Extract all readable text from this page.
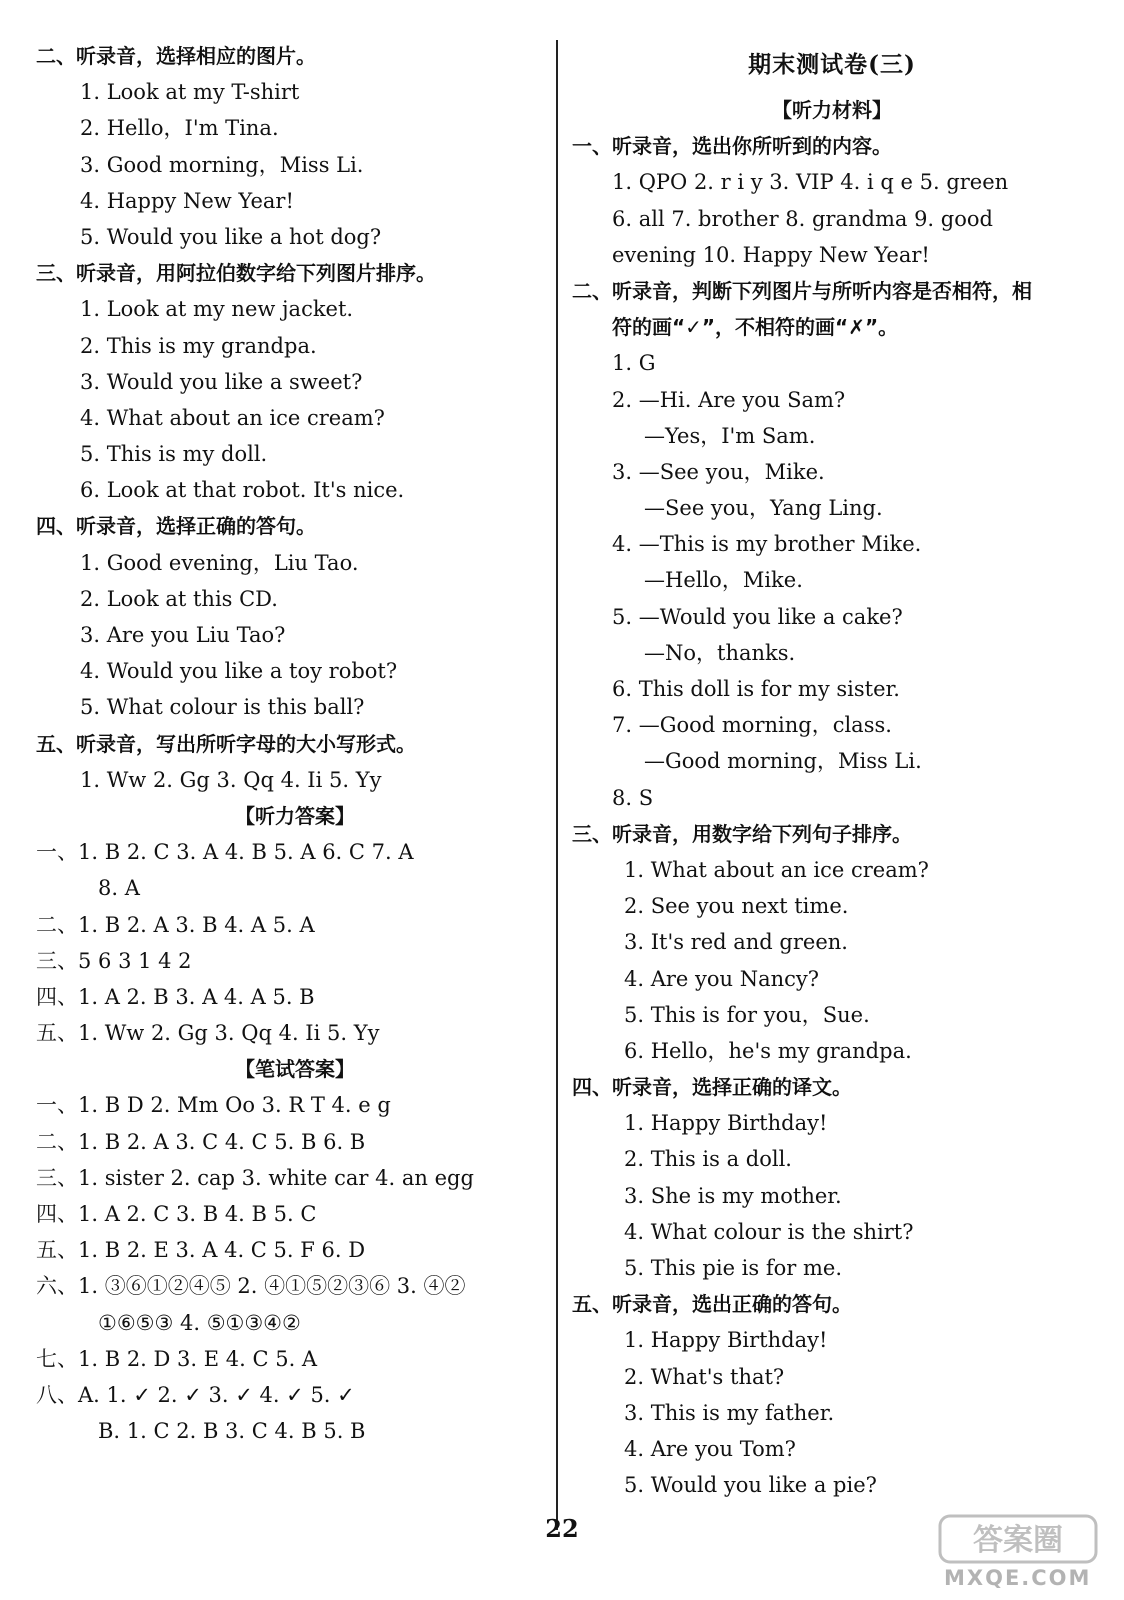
二、听录音，选择相应的图片。
1. Look at my T-shirt
2. Hello，I'm Tina.
3. Good morning，Miss Li.
4. Happy New Year!
5. Would you like a hot dog?
三、听录音，用阿拉伯数字给下列图片排序。
1. Look at my new jacket.
2. This is my grandpa.
3. Would you like a sweet?
4. What about an ice cream?
5. This is my doll.
6. Look at that robot. It's nice.
四、听录音，选择正确的答句。
1. Good evening，Liu Tao.
2. Look at this CD.
3. Are you Liu Tao?
4. Would you like a toy robot?
5. What colour is this ball?
五、听录音，写出所听字母的大小写形式。
1. Ww 2. Gg 3. Qq 4. Ii 5. Yy
【听力答案】
一、1. B 2. C 3. A 4. B 5. A 6. C 7. A
8. A
二、1. B 2. A 3. B 4. A 5. A
三、5 6 3 1 4 2
四、1. A 2. B 3. A 4. A 5. B
五、1. Ww 2. Gg 3. Qq 4. Ii 5. Yy
【笔试答案】
一、1. B D 2. Mm Oo 3. R T 4. e g
二、1. B 2. A 3. C 4. C 5. B 6. B
三、1. sister 2. cap 3. white car 4. an egg
四、1. A 2. C 3. B 4. B 5. C
五、1. B 2. E 3. A 4. C 5. F 6. D
六、1. ③⑥①②④⑤ 2. ④①⑤②③⑥ 3. ④②
①⑥⑤③ 4. ⑤①③④②
七、1. B 2. D 3. E 4. C 5. A
八、A. 1. ✓ 2. ✓ 3. ✓ 4. ✓ 5. ✓
B. 1. C 2. B 3. C 4. B 5. B
期末测试卷(三)
【听力材料】
一、听录音，选出你所听到的内容。
1. QPO 2. r i y 3. VIP 4. i q e 5. green
6. all 7. brother 8. grandma 9. good
evening 10. Happy New Year!
二、听录音，判断下列图片与所听内容是否相符，相
符的画“✓”，不相符的画“✗”。
1. G
2. —Hi. Are you Sam?
—Yes，I'm Sam.
3. —See you，Mike.
—See you，Yang Ling.
4. —This is my brother Mike.
—Hello，Mike.
5. —Would you like a cake?
—No，thanks.
6. This doll is for my sister.
7. —Good morning，class.
—Good morning，Miss Li.
8. S
三、听录音，用数字给下列句子排序。
1. What about an ice cream?
2. See you next time.
3. It's red and green.
4. Are you Nancy?
5. This is for you，Sue.
6. Hello，he's my grandpa.
四、听录音，选择正确的译文。
1. Happy Birthday!
2. This is a doll.
3. She is my mother.
4. What colour is the shirt?
5. This pie is for me.
五、听录音，选出正确的答句。
1. Happy Birthday!
2. What's that?
3. This is my father.
4. Are you Tom?
5. Would you like a pie?
22	答案圈
MXQE.COM
